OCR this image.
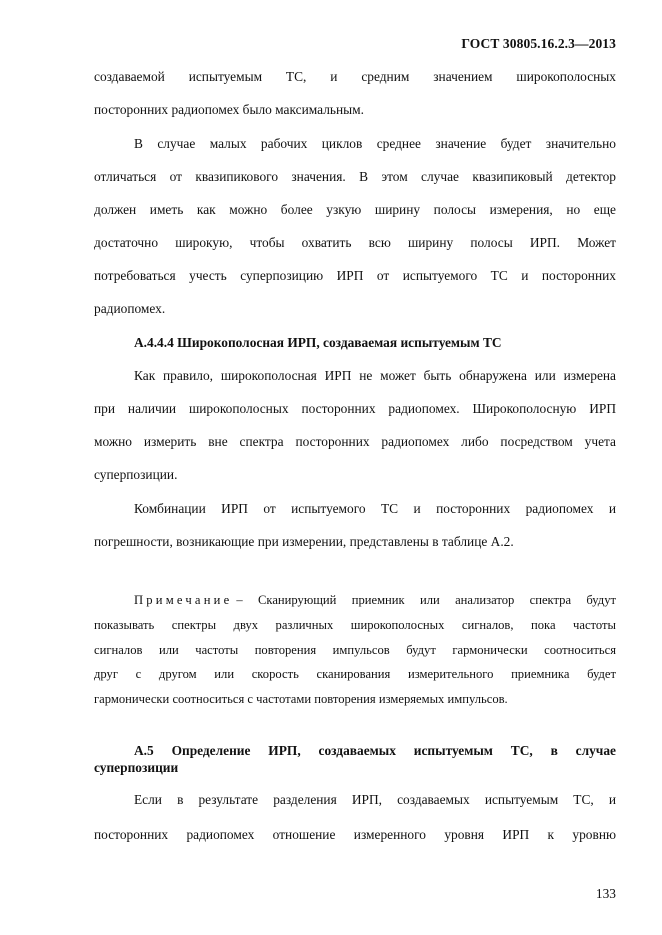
ГОСТ 30805.16.2.3—2013
создаваемой испытуемым ТС, и средним значением широкополосных
посторонних радиопомех было максимальным.
В случае малых рабочих циклов среднее значение будет значительно
отличаться от квазипикового значения. В этом случае квазипиковый детектор
должен иметь как можно более узкую ширину полосы измерения, но еще
достаточно широкую, чтобы охватить всю ширину полосы ИРП. Может
потребоваться учесть суперпозицию ИРП от испытуемого ТС и посторонних
радиопомех.
А.4.4.4 Широкополосная ИРП, создаваемая испытуемым ТС
Как правило, широкополосная ИРП не может быть обнаружена или измерена
при наличии широкополосных посторонних радиопомех. Широкополосную ИРП
можно измерить вне спектра посторонних радиопомех либо посредством учета
суперпозиции.
Комбинации ИРП от испытуемого ТС и посторонних радиопомех и
погрешности, возникающие при измерении, представлены в таблице А.2.
Примечание – Сканирующий приемник или анализатор спектра будут
показывать спектры двух различных широкополосных сигналов, пока частоты
сигналов или частоты повторения импульсов будут гармонически соотноситься
друг с другом или скорость сканирования измерительного приемника будет
гармонически соотноситься с частотами повторения измеряемых импульсов.
А.5 Определение ИРП, создаваемых испытуемым ТС, в случае
суперпозиции
Если в результате разделения ИРП, создаваемых испытуемым ТС, и
посторонних радиопомех отношение измеренного уровня ИРП к уровню
133
